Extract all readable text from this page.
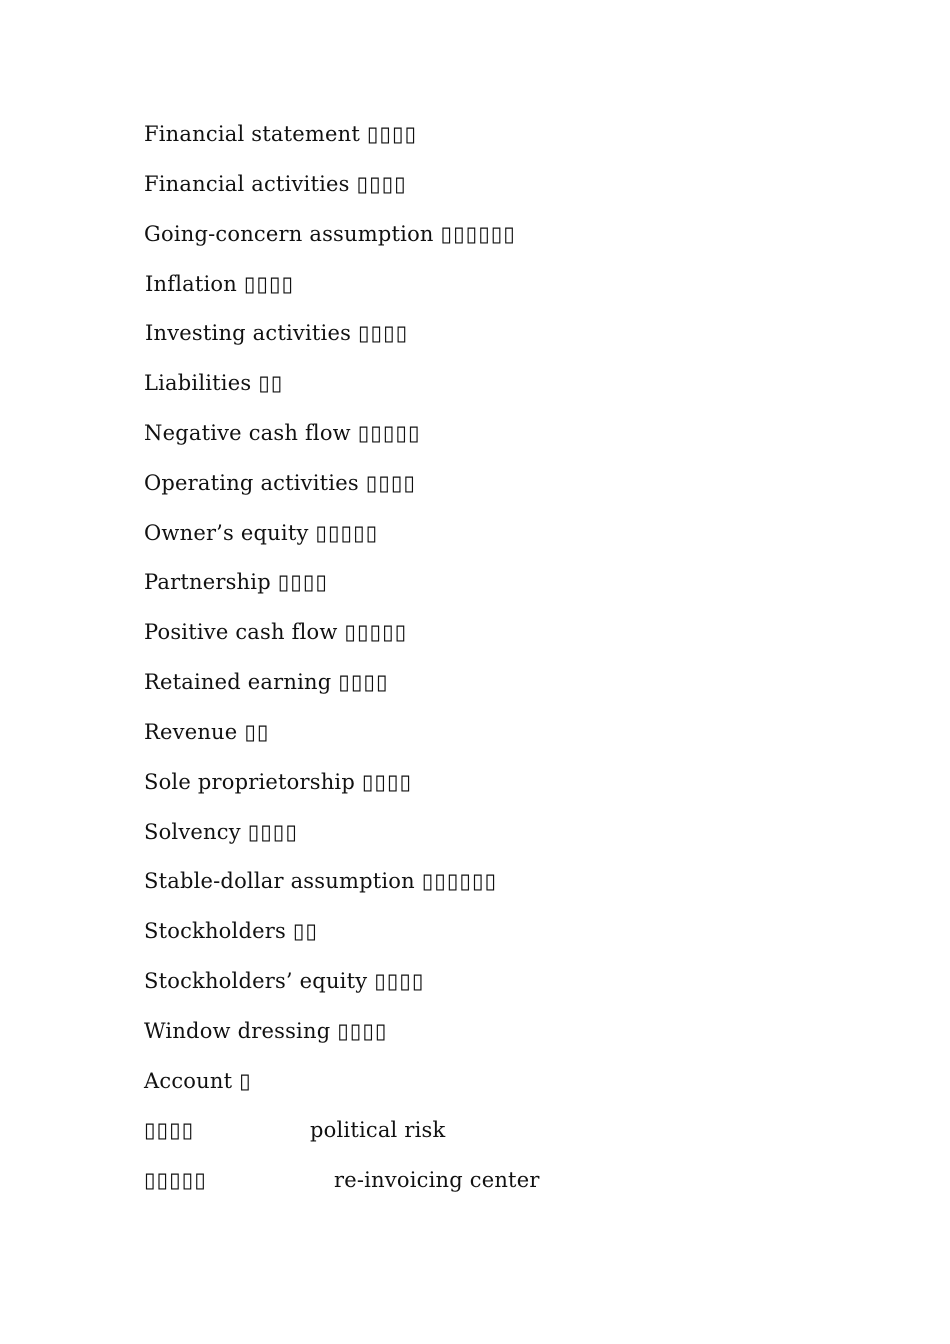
Financial statement ▯▯▯▯
Financial activities ▯▯▯▯
Going-concern assumption ▯▯▯▯▯▯
Inflation ▯▯▯▯
Investing activities ▯▯▯▯
Liabilities ▯▯
Negative cash flow ▯▯▯▯▯
Operating activities ▯▯▯▯
Owner’s equity ▯▯▯▯▯
Partnership ▯▯▯▯
Positive cash flow ▯▯▯▯▯
Retained earning ▯▯▯▯
Revenue ▯▯
Sole proprietorship ▯▯▯▯
Solvency ▯▯▯▯
Stable-dollar assumption ▯▯▯▯▯▯
Stockholders ▯▯
Stockholders’ equity ▯▯▯▯
Window dressing ▯▯▯▯
Account ▯
▯▯▯▯	political risk
▯▯▯▯▯	re-invoicing center
